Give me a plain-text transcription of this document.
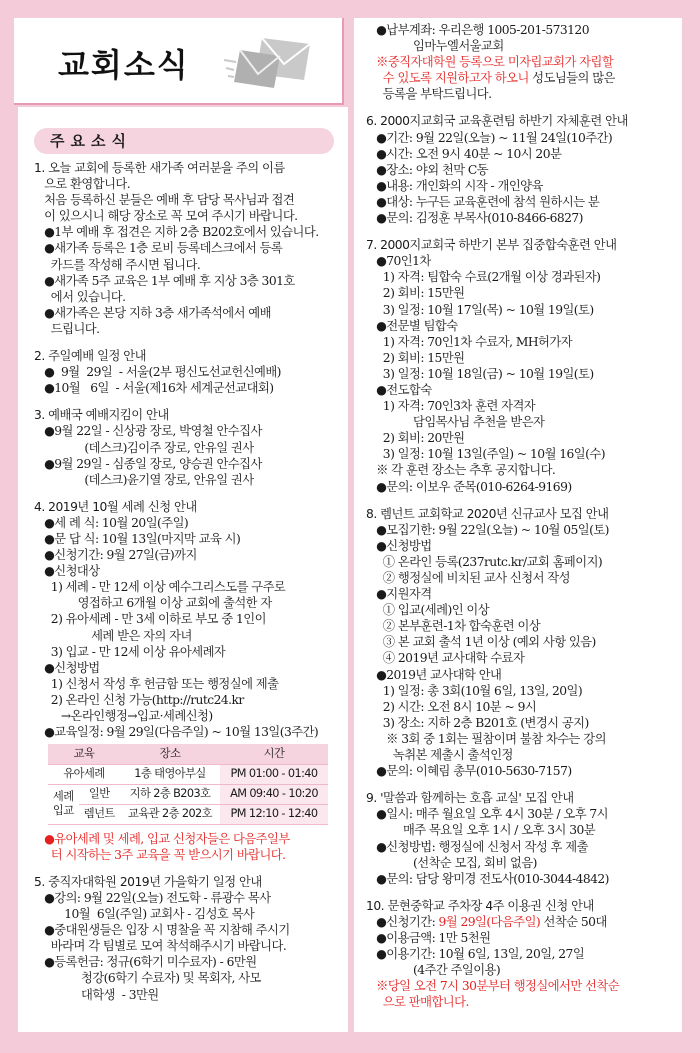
교회소식
주요소식
1. 오늘 교회에 등록한 새가족 여러분을 주의 이름
으로 환영합니다.
처음 등록하신 분들은 예배 후 담당 목사님과 접견
이 있으시니 해당 장소로 꼭 모여 주시기 바랍니다.
●1부 예배 후 접견은 지하 2층 B202호에서 있습니다.
●새가족 등록은 1층 로비 등록데스크에서 등록
카드를 작성해 주시면 됩니다.
●새가족 5주 교육은 1부 예배 후 지상 3층 301호
에서 있습니다.
●새가족은 본당 지하 3층 새가족석에서 예배
드립니다.
2. 주일예배 일정 안내
●  9월  29일  - 서울(2부 평신도선교헌신예배)
●10월   6일  - 서울(제16차 세계군선교대회)
3. 예배국 예배지킴이 안내
●9월 22일 - 신상광 장로, 박영철 안수집사
(데스크)김이주 장로, 안유일 권사
●9월 29일 - 심종일 장로, 양승권 안수집사
(데스크)윤기열 장로, 안유일 권사
4. 2019년 10월 세례 신청 안내
●세 례 식: 10월 20일(주일)
●문 답 식: 10월 13일(마지막 교육 시)
●신청기간: 9월 27일(금)까지
●신청대상
1) 세례 - 만 12세 이상 예수그리스도를 구주로
영접하고 6개월 이상 교회에 출석한 자
2) 유아세례 - 만 3세 이하로 부모 중 1인이
세례 받은 자의 자녀
3) 입교 - 만 12세 이상 유아세례자
●신청방법
1) 신청서 작성 후 헌금함 또는 행정실에 제출
2) 온라인 신청 가능(http://rutc24.kr
→온라인행정→입교·세례신청)
●교육일정: 9월 29일(다음주일) ~ 10월 13일(3주간)
교육		장소	시간
유아세례		1층 태영아부실	PM 01:00 - 01:40
세례
입교	일반	지하 2층 B203호	AM 09:40 - 10:20
	렘넌트	교육관 2층 202호	PM 12:10 - 12:40
●유아세례 및 세례, 입교 신청자들은 다음주일부
터 시작하는 3주 교육을 꼭 받으시기 바랍니다.
5. 중직자대학원 2019년 가을학기 일정 안내
●강의: 9월 22일(오늘) 전도학 - 류광수 목사
10월  6일(주일) 교회사 - 김성호 목사
●중대원생들은 입장 시 명찰을 꼭 지참해 주시기
바라며 각 팀별로 모여 착석해주시기 바랍니다.
●등록헌금: 정규(6학기 미수료자) - 6만원
청강(6학기 수료자) 및 목회자, 사모
대학생  - 3만원
●납부계좌: 우리은행 1005-201-573120
임마누엘서울교회
※중직자대학원 등록으로 미자립교회가 자립할
수 있도록 지원하고자 하오니 성도님들의 많은
등록을 부탁드립니다.
6. 2000지교회국 교육훈련팀 하반기 자체훈련 안내
●기간: 9월 22일(오늘) ~ 11월 24일(10주간)
●시간: 오전 9시 40분 ~ 10시 20분
●장소: 야외 천막 C동
●내용: 개인화의 시작 - 개인양육
●대상: 누구든 교육훈련에 참석 원하시는 분
●문의: 김정훈 부목사(010-8466-6827)
7. 2000지교회국 하반기 본부 집중합숙훈련 안내
●70인1차
1) 자격: 팀합숙 수료(2개월 이상 경과된자)
2) 회비: 15만원
3) 일정: 10월 17일(목) ~ 10월 19일(토)
●전문별 팀합숙
1) 자격: 70인1차 수료자, MH허가자
2) 회비: 15만원
3) 일정: 10월 18일(금) ~ 10월 19일(토)
●전도합숙
1) 자격: 70인3차 훈련 자격자
담임목사님 추천을 받은자
2) 회비: 20만원
3) 일정: 10월 13일(주일) ~ 10월 16일(수)
※ 각 훈련 장소는 추후 공지합니다.
●문의: 이보우 준목(010-6264-9169)
8. 렘넌트 교회학교 2020년 신규교사 모집 안내
●모집기한: 9월 22일(오늘) ~ 10월 05일(토)
●신청방법
① 온라인 등록(237rutc.kr/교회 홈페이지)
② 행정실에 비치된 교사 신청서 작성
●지원자격
① 입교(세례)인 이상
② 본부훈련-1차 합숙훈련 이상
③ 본 교회 출석 1년 이상 (예외 사항 있음)
④ 2019년 교사대학 수료자
●2019년 교사대학 안내
1) 일정: 총 3회(10월 6일, 13일, 20일)
2) 시간: 오전 8시 10분 ~ 9시
3) 장소: 지하 2층 B201호 (변경시 공지)
※ 3회 중 1회는 필참이며 불참 차수는 강의
녹취본 제출시 출석인정
●문의: 이혜림 총무(010-5630-7157)
9. '말씀과 함께하는 호흡 교실' 모집 안내
●일시: 매주 월요일 오후 4시 30분 / 오후 7시
매주 목요일 오후 1시 / 오후 3시 30분
●신청방법: 행정실에 신청서 작성 후 제출
(선착순 모집, 회비 없음)
●문의: 담당 왕미경 전도사(010-3044-4842)
10. 문현중학교 주차장 4주 이용권 신청 안내
●신청기간: 9월 29일(다음주일) 선착순 50대
●이용금액: 1만 5천원
●이용기간: 10월 6일, 13일, 20일, 27일
(4주간 주일이용)
※당일 오전 7시 30분부터 행정실에서만 선착순
으로 판매합니다.
